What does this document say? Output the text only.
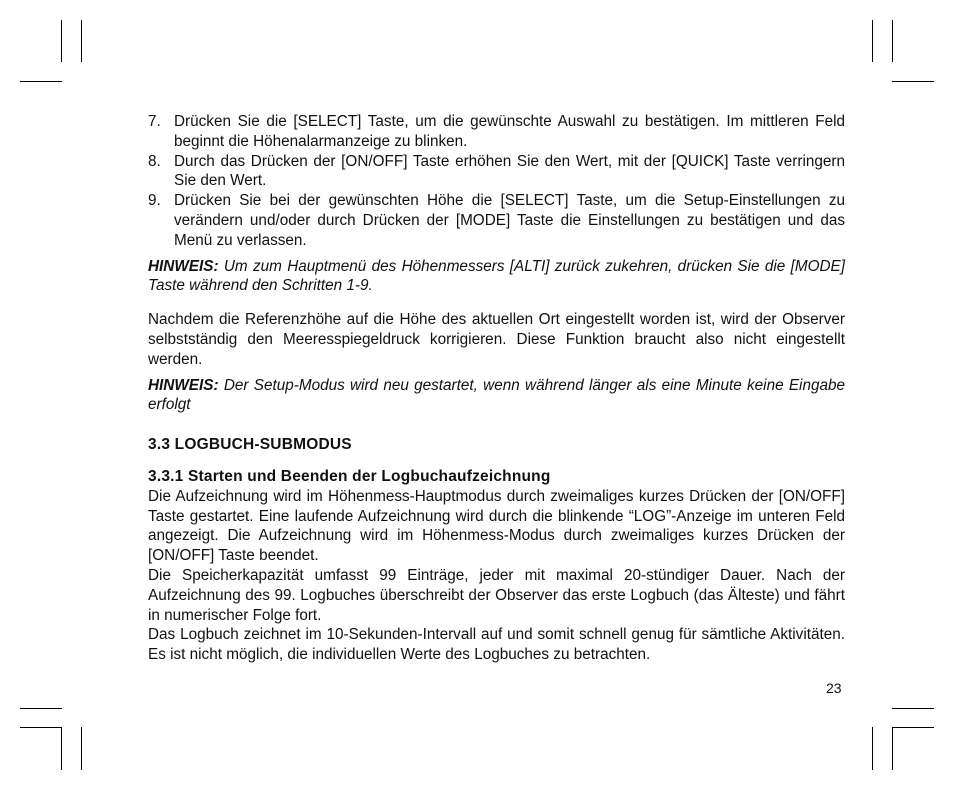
7. Drücken Sie die [SELECT] Taste, um die gewünschte Auswahl zu bestätigen. Im mittleren Feld beginnt die Höhenalarmanzeige zu blinken.
8. Durch das Drücken der [ON/OFF] Taste erhöhen Sie den Wert, mit der [QUICK] Taste verringern Sie den Wert.
9. Drücken Sie bei der gewünschten Höhe die [SELECT] Taste, um die Setup-Einstellungen zu verändern und/oder durch Drücken der [MODE] Taste die Einstellungen zu bestätigen und das Menü zu verlassen.

HINWEIS: Um zum Hauptmenü des Höhenmessers [ALTI] zurück zukehren, drücken Sie die [MODE] Taste während den Schritten 1-9.

Nachdem die Referenzhöhe auf die Höhe des aktuellen Ort eingestellt worden ist, wird der Observer selbstständig den Meeresspiegeldruck korrigieren. Diese Funktion braucht also nicht eingestellt werden.

HINWEIS: Der Setup-Modus wird neu gestartet, wenn während länger als eine Minute keine Eingabe erfolgt

3.3 LOGBUCH-SUBMODUS
3.3.1 Starten und Beenden der Logbuchaufzeichnung

Die Aufzeichnung wird im Höhenmess-Hauptmodus durch zweimaliges kurzes Drücken der [ON/OFF] Taste gestartet. Eine laufende Aufzeichnung wird durch die blinkende “LOG”-Anzeige im unteren Feld angezeigt. Die Aufzeichnung wird im Höhenmess-Modus durch zweimaliges kurzes Drücken der [ON/OFF] Taste beendet.

Die Speicherkapazität umfasst 99 Einträge, jeder mit maximal 20-stündiger Dauer. Nach der Aufzeichnung des 99. Logbuches überschreibt der Observer das erste Logbuch (das Älteste) und fährt in numerischer Folge fort.

Das Logbuch zeichnet im 10-Sekunden-Intervall auf und somit schnell genug für sämtliche Aktivitäten. Es ist nicht möglich, die individuellen Werte des Logbuches zu betrachten.

23
